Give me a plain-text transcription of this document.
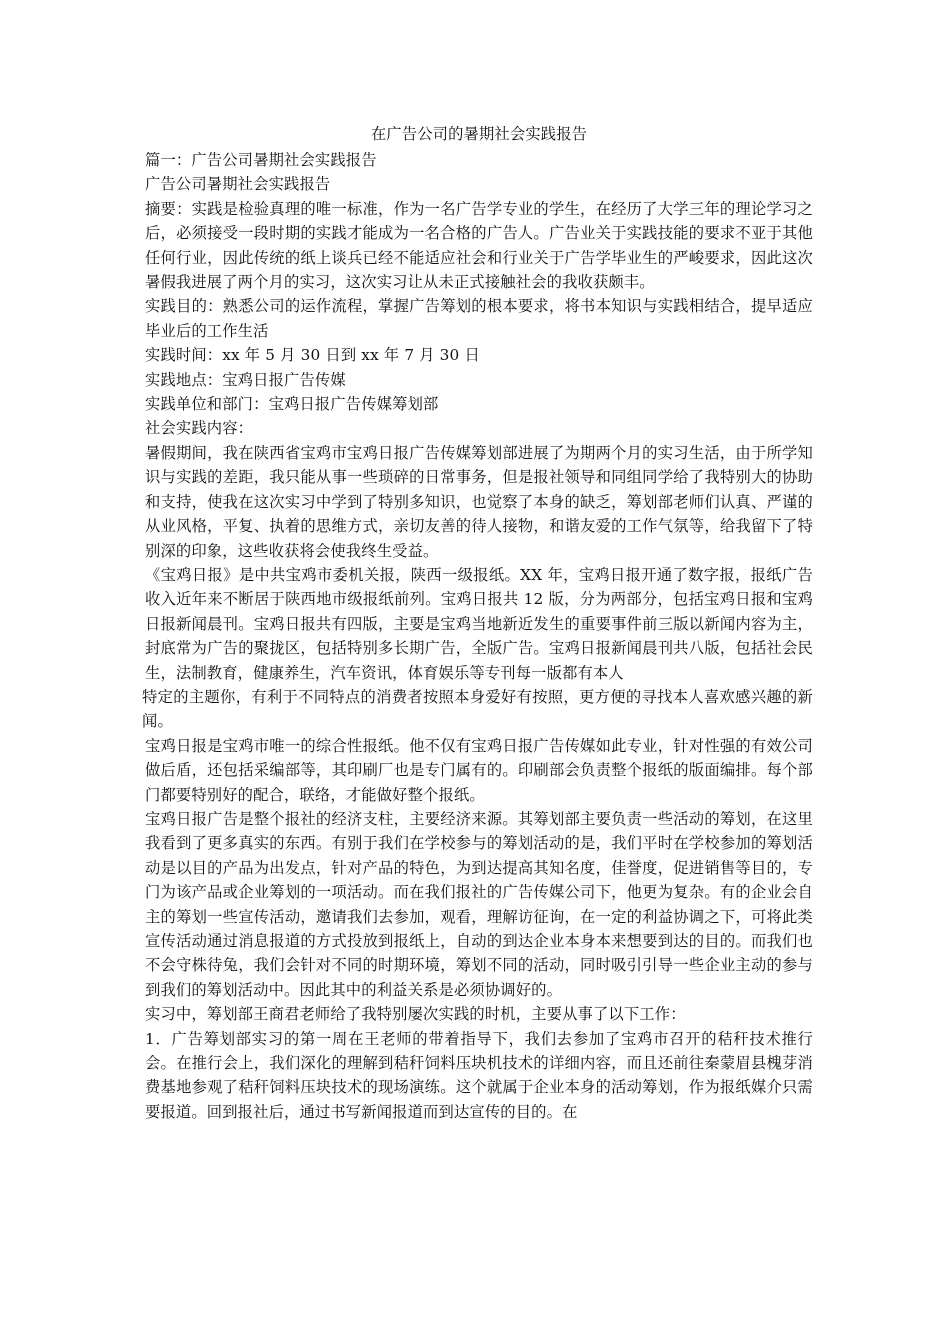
在广告公司的暑期社会实践报告

篇一：广告公司暑期社会实践报告

广告公司暑期社会实践报告

摘要：实践是检验真理的唯一标准，作为一名广告学专业的学生，在经历了大学三年的理论学习之后，必须接受一段时期的实践才能成为一名合格的广告人。广告业关于实践技能的要求不亚于其他任何行业，因此传统的纸上谈兵已经不能适应社会和行业关于广告学毕业生的严峻要求，因此这次暑假我进展了两个月的实习，这次实习让从未正式接触社会的我收获颇丰。

实践目的：熟悉公司的运作流程，掌握广告筹划的根本要求，将书本知识与实践相结合，提早适应毕业后的工作生活

实践时间：xx 年 5 月 30 日到 xx 年 7 月 30 日

实践地点：宝鸡日报广告传媒

实践单位和部门：宝鸡日报广告传媒筹划部

社会实践内容：

暑假期间，我在陕西省宝鸡市宝鸡日报广告传媒筹划部进展了为期两个月的实习生活，由于所学知识与实践的差距，我只能从事一些琐碎的日常事务，但是报社领导和同组同学给了我特别大的协助和支持，使我在这次实习中学到了特别多知识，也觉察了本身的缺乏，筹划部老师们认真、严谨的从业风格，平复、执着的思维方式，亲切友善的待人接物，和谐友爱的工作气氛等，给我留下了特别深的印象，这些收获将会使我终生受益。

《宝鸡日报》是中共宝鸡市委机关报，陕西一级报纸。XX 年，宝鸡日报开通了数字报，报纸广告收入近年来不断居于陕西地市级报纸前列。宝鸡日报共 12 版，分为两部分，包括宝鸡日报和宝鸡日报新闻晨刊。宝鸡日报共有四版，主要是宝鸡当地新近发生的重要事件前三版以新闻内容为主，封底常为广告的聚拢区，包括特别多长期广告，全版广告。宝鸡日报新闻晨刊共八版，包括社会民生，法制教育，健康养生，汽车资讯，体育娱乐等专刊每一版都有本人

特定的主题你，有利于不同特点的消费者按照本身爱好有按照，更方便的寻找本人喜欢感兴趣的新闻。

宝鸡日报是宝鸡市唯一的综合性报纸。他不仅有宝鸡日报广告传媒如此专业，针对性强的有效公司做后盾，还包括采编部等，其印刷厂也是专门属有的。印刷部会负责整个报纸的版面编排。每个部门都要特别好的配合，联络，才能做好整个报纸。

宝鸡日报广告是整个报社的经济支柱，主要经济来源。其筹划部主要负责一些活动的筹划，在这里我看到了更多真实的东西。有别于我们在学校参与的筹划活动的是，我们平时在学校参加的筹划活动是以目的产品为出发点，针对产品的特色，为到达提高其知名度，佳誉度，促进销售等目的，专门为该产品或企业筹划的一项活动。而在我们报社的广告传媒公司下，他更为复杂。有的企业会自主的筹划一些宣传活动，邀请我们去参加，观看，理解访征询，在一定的利益协调之下，可将此类宣传活动通过消息报道的方式投放到报纸上，自动的到达企业本身本来想要到达的目的。而我们也不会守株待兔，我们会针对不同的时期环境，筹划不同的活动，同时吸引引导一些企业主动的参与到我们的筹划活动中。因此其中的利益关系是必须协调好的。

实习中，筹划部王商君老师给了我特别屡次实践的时机，主要从事了以下工作：

1．广告筹划部实习的第一周在王老师的带着指导下，我们去参加了宝鸡市召开的秸秆技术推行会。在推行会上，我们深化的理解到秸秆饲料压块机技术的详细内容，而且还前往秦蒙眉县槐芽消费基地参观了秸秆饲料压块技术的现场演练。这个就属于企业本身的活动筹划，作为报纸媒介只需要报道。回到报社后，通过书写新闻报道而到达宣传的目的。在
